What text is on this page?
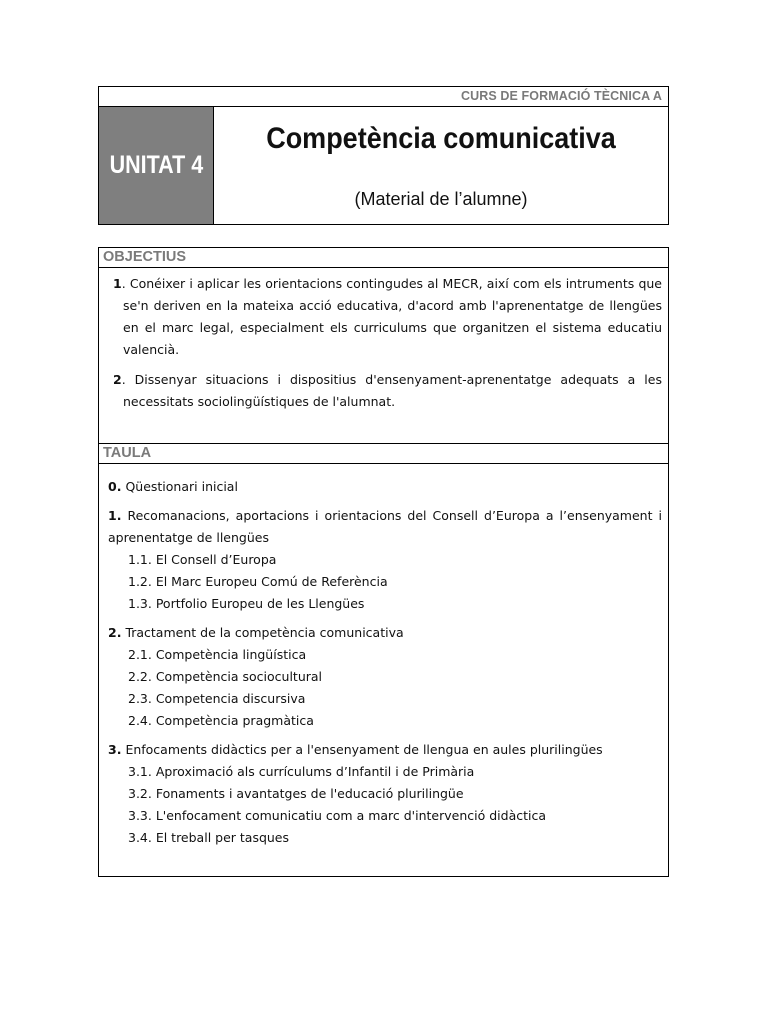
CURS DE FORMACIÓ TÈCNICA A
UNITAT 4
Competència comunicativa
(Material de l’alumne)
OBJECTIUS
1. Conéixer i aplicar les orientacions contingudes al MECR, així com els intruments que se'n deriven en la mateixa acció educativa, d'acord amb l'aprenentatge de llengües en el marc legal, especialment els curriculums que organitzen el sistema educatiu valencià.
2. Dissenyar situacions i dispositius d'ensenyament-aprenentatge adequats a les necessitats sociolingüístiques de l'alumnat.
TAULA
0. Qüestionari inicial
1. Recomanacions, aportacions i orientacions del Consell d’Europa a l’ensenyament i aprenentatge de llengües
1.1. El Consell d’Europa
1.2. El Marc Europeu Comú de Referència
1.3. Portfolio Europeu de les Llengües
2. Tractament de la competència comunicativa
2.1. Competència lingüística
2.2. Competència sociocultural
2.3. Competencia discursiva
2.4. Competència pragmàtica
3. Enfocaments didàctics per a l'ensenyament de llengua en aules plurilingües
3.1. Aproximació als currículums d’Infantil i de Primària
3.2. Fonaments i avantatges de l'educació plurilingüe
3.3. L'enfocament comunicatiu com a marc d'intervenció didàctica
3.4. El treball per tasques
